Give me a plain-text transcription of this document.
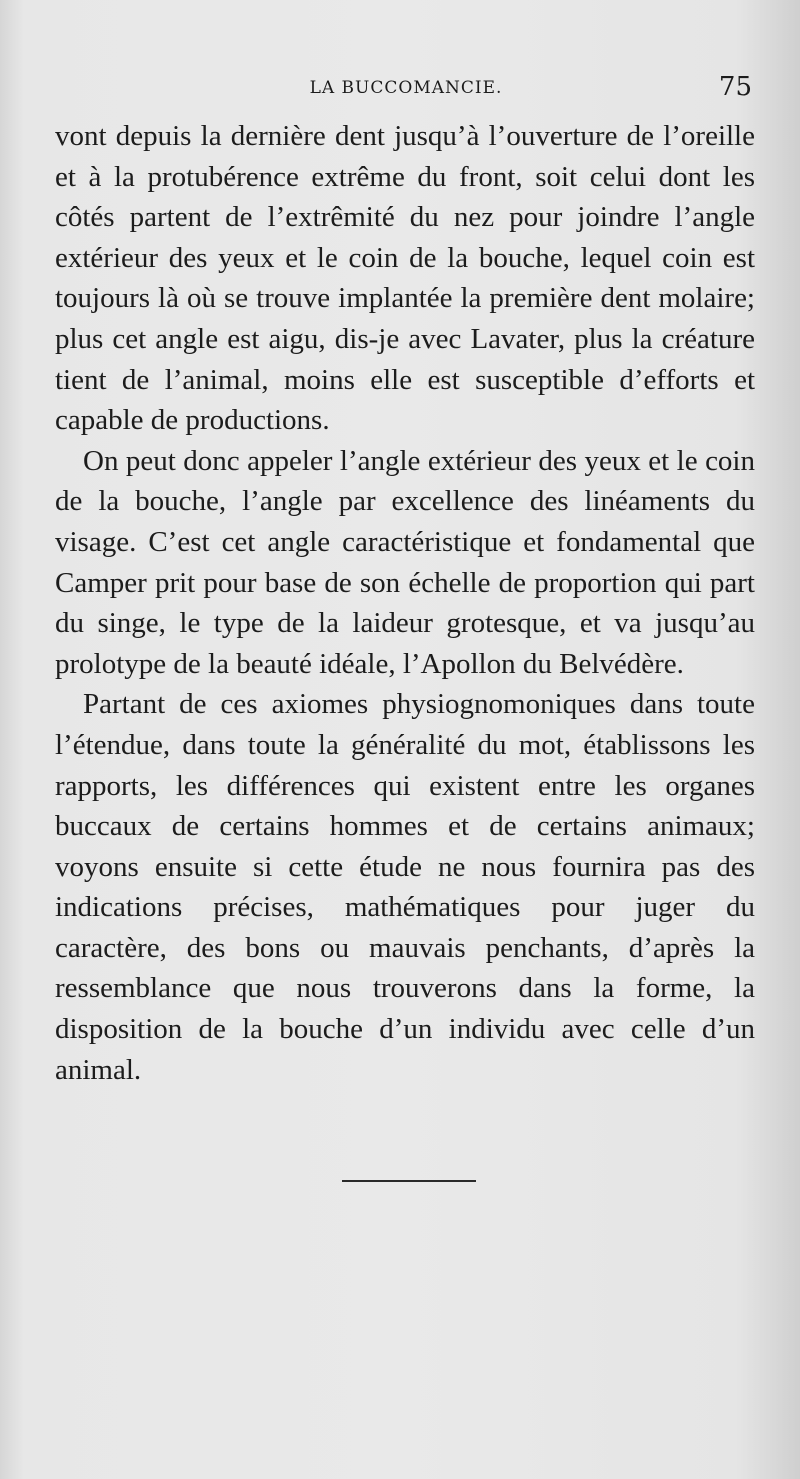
LA BUCCOMANCIE.	75

vont depuis la dernière dent jusqu’à l’ouverture de l’oreille et à la protubérence extrême du front, soit celui dont les côtés partent de l’extrêmité du nez pour joindre l’angle extérieur des yeux et le coin de la bouche, lequel coin est toujours là où se trouve implantée la première dent molaire; plus cet angle est aigu, dis-je avec Lavater, plus la créature tient de l’animal, moins elle est susceptible d’efforts et capable de productions.

On peut donc appeler l’angle extérieur des yeux et le coin de la bouche, l’angle par excellence des linéaments du visage. C’est cet angle caractéristique et fondamental que Camper prit pour base de son échelle de proportion qui part du singe, le type de la laideur grotesque, et va jusqu’au prolotype de la beauté idéale, l’Apollon du Belvédère.

Partant de ces axiomes physiognomoniques dans toute l’étendue, dans toute la généralité du mot, établissons les rapports, les différences qui existent entre les organes buccaux de certains hommes et de certains animaux; voyons ensuite si cette étude ne nous fournira pas des indications précises, mathématiques pour juger du caractère, des bons ou mauvais penchants, d’après la ressemblance que nous trouverons dans la forme, la disposition de la bouche d’un individu avec celle d’un animal.
